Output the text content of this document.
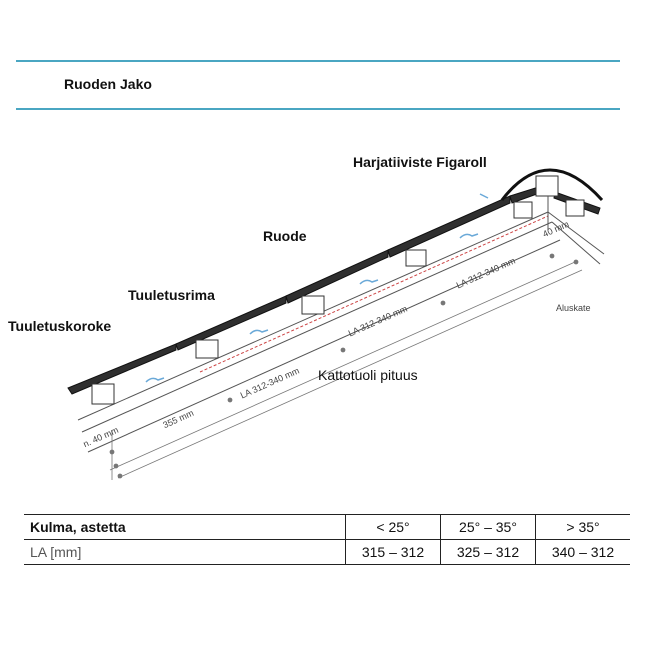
Ruoden Jako
Harjatiiviste Figaroll
Ruode
Tuuletusrima
Tuuletuskoroke
Kattotuoli pituus
Aluskate
LA 312-340 mm
LA 312-340 mm
LA 312-340 mm
355 mm
n. 40 mm
40 mm
Kulma, astetta	< 25°	25° – 35°	> 35°
LA [mm]	315 – 312	325 – 312	340 – 312
